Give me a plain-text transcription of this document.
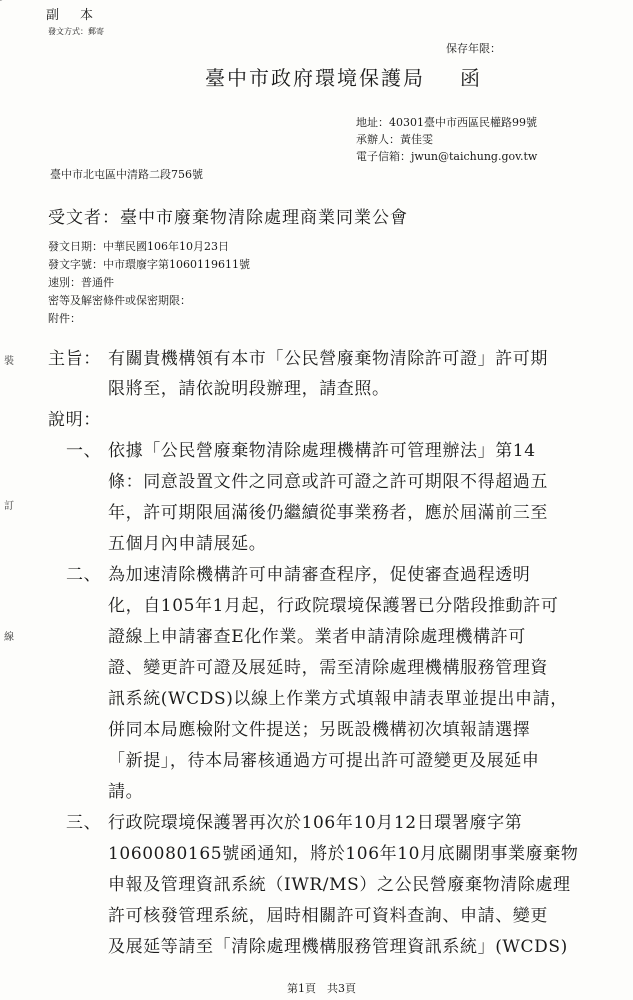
副　本
發文方式：郵寄
保存年限：
臺中市政府環境保護局 函
地址：40301臺中市西區民權路99號
承辦人：黃佳雯
電子信箱：jwun@taichung.gov.tw
臺中市北屯區中清路二段756號
受文者：臺中市廢棄物清除處理商業同業公會
發文日期：中華民國106年10月23日
發文字號：中市環廢字第1060119611號
速別：普通件
密等及解密條件或保密期限：
附件：
主旨： 有關貴機構領有本市「公民營廢棄物清除許可證」許可期
限將至，請依說明段辦理，請查照。
說明：
一、 依據「公民營廢棄物清除處理機構許可管理辦法」第14
條：同意設置文件之同意或許可證之許可期限不得超過五
年，許可期限屆滿後仍繼續從事業務者，應於屆滿前三至
五個月內申請展延。
二、 為加速清除機構許可申請審查程序，促使審查過程透明
化，自105年1月起，行政院環境保護署已分階段推動許可
證線上申請審查E化作業。業者申請清除處理機構許可
證、變更許可證及展延時，需至清除處理機構服務管理資
訊系統(WCDS)以線上作業方式填報申請表單並提出申請，
併同本局應檢附文件提送；另既設機構初次填報請選擇
「新提」，待本局審核通過方可提出許可證變更及展延申
請。
三、 行政院環境保護署再次於106年10月12日環署廢字第
1060080165號函通知，將於106年10月底關閉事業廢棄物
申報及管理資訊系統（IWR/MS）之公民營廢棄物清除處理
許可核發管理系統，屆時相關許可資料查詢、申請、變更
及展延等請至「清除處理機構服務管理資訊系統」(WCDS)
裝
訂
線
第1頁　共3頁
